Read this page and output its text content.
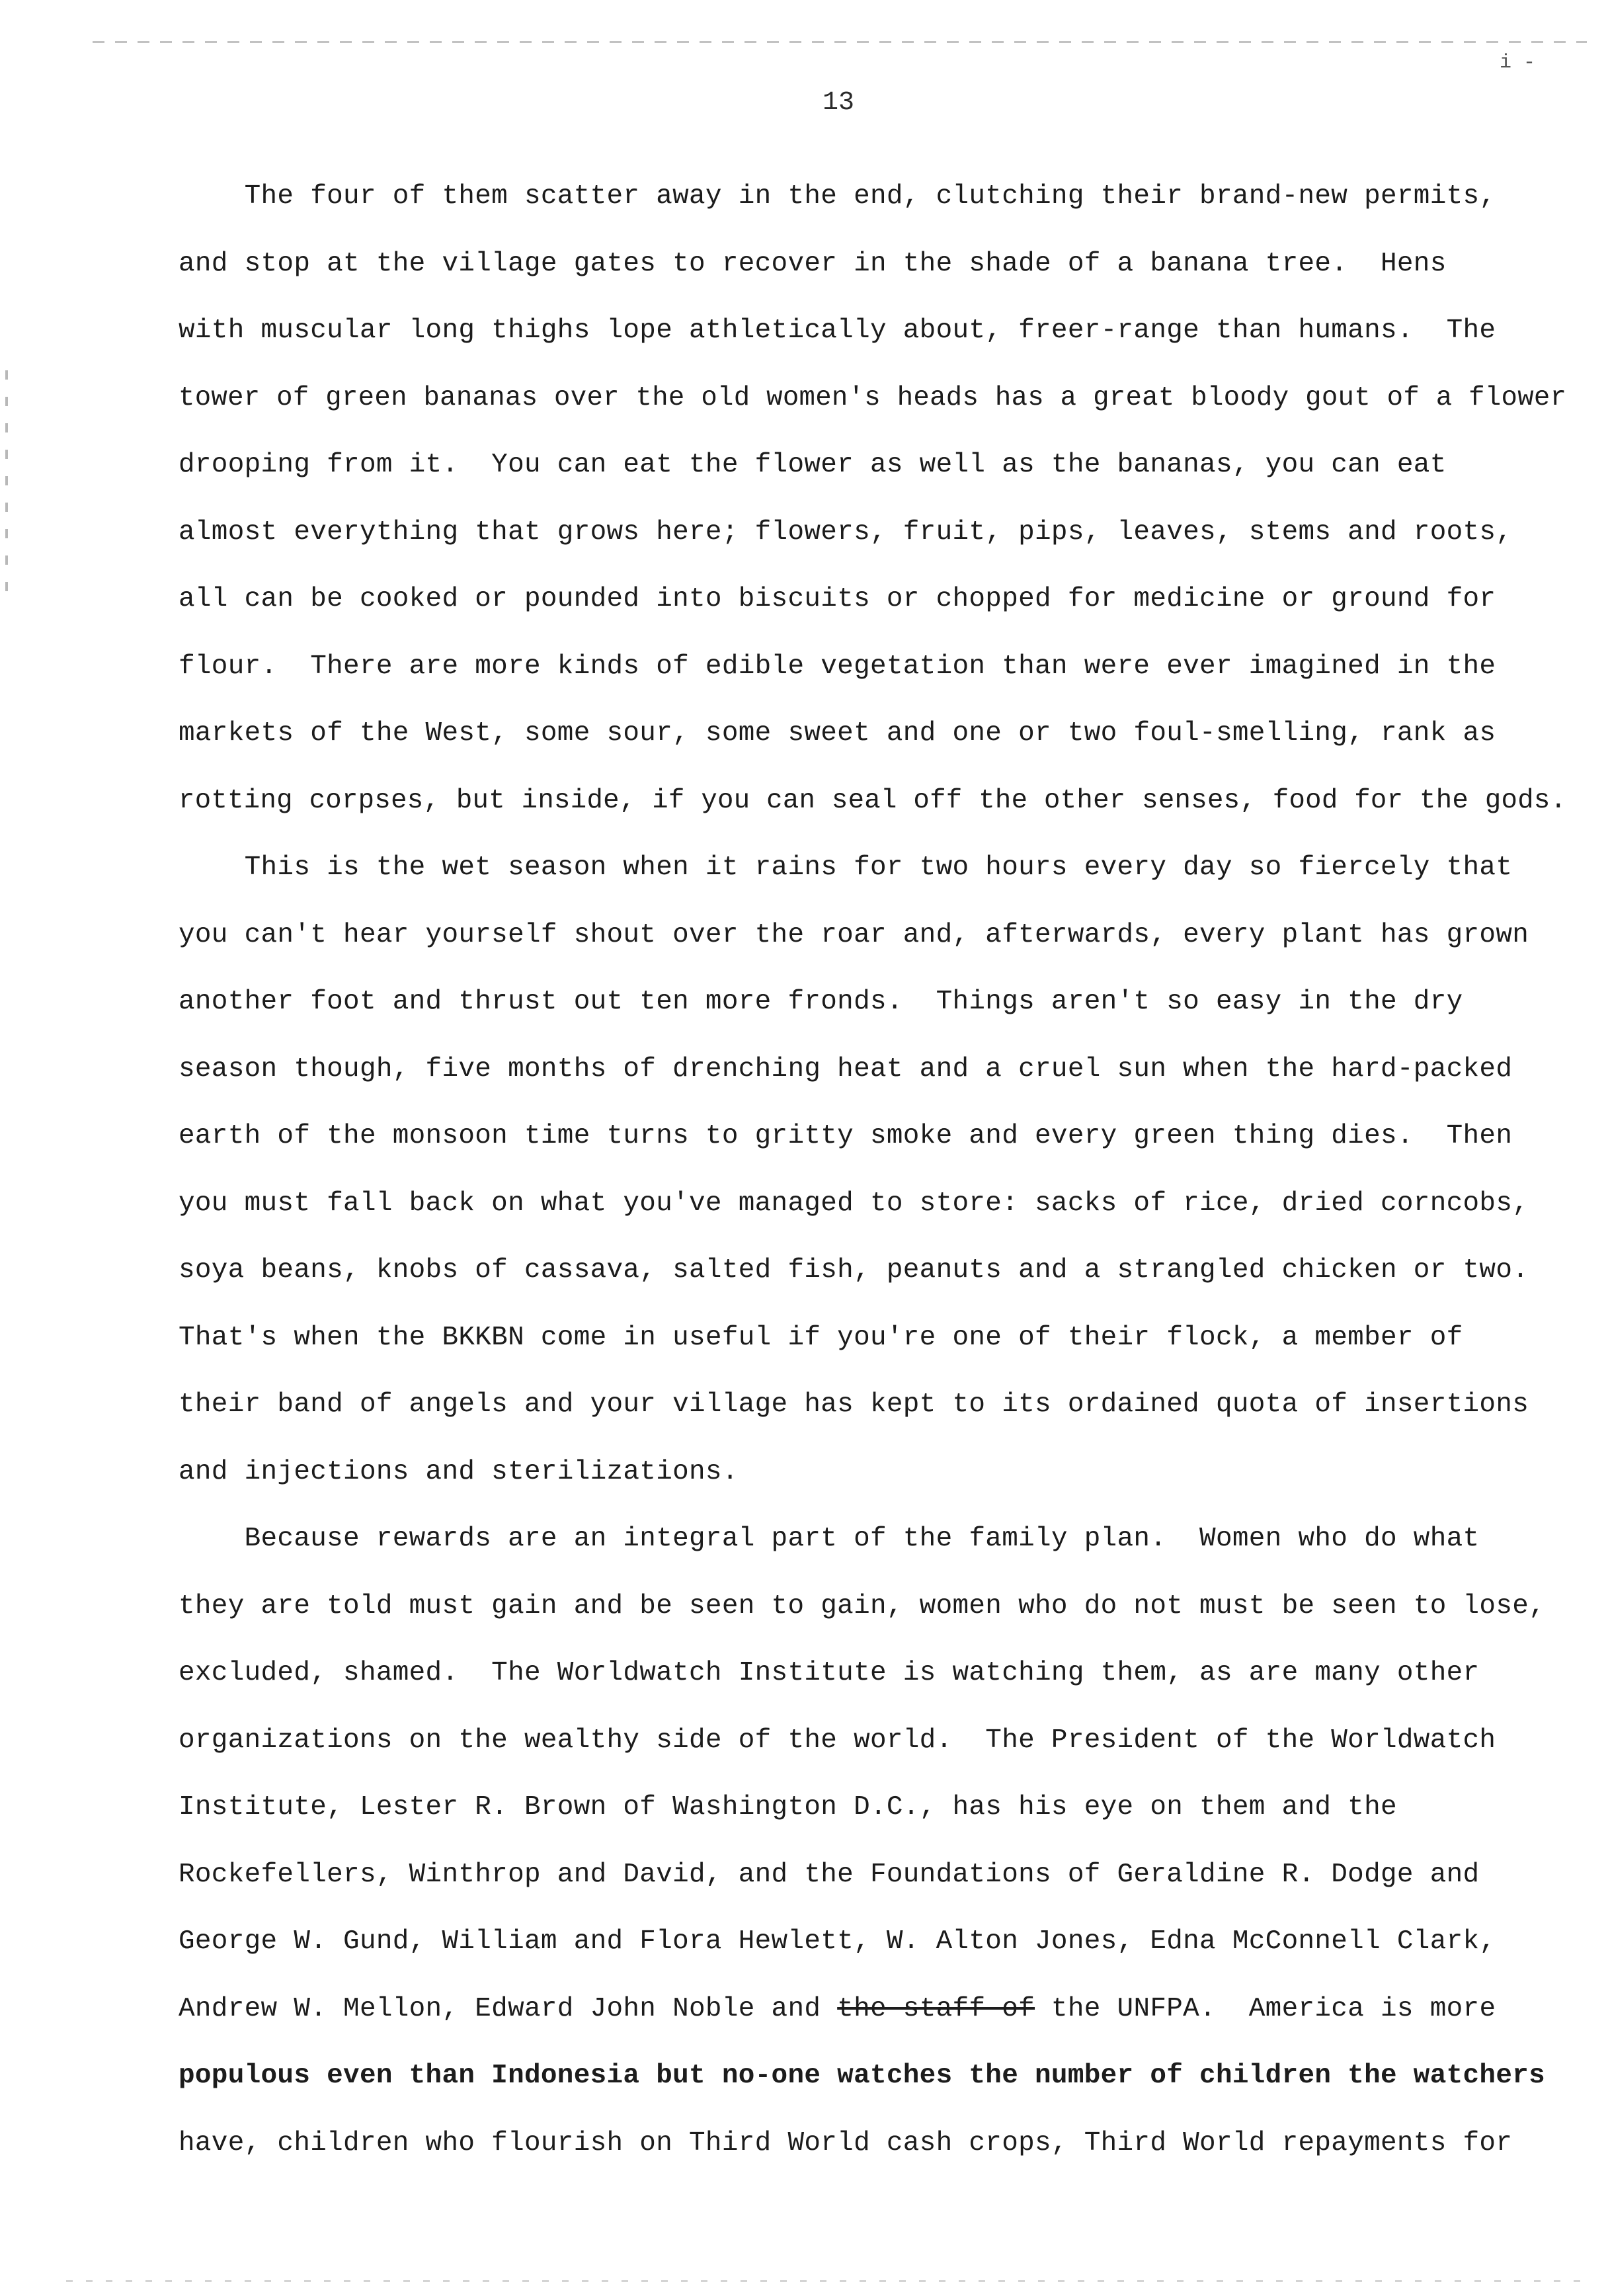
13
i -
The four of them scatter away in the end, clutching their brand-new permits,
and stop at the village gates to recover in the shade of a banana tree.  Hens
with muscular long thighs lope athletically about, freer-range than humans.  The
tower of green bananas over the old women's heads has a great bloody gout of a flower
drooping from it.  You can eat the flower as well as the bananas, you can eat
almost everything that grows here; flowers, fruit, pips, leaves, stems and roots,
all can be cooked or pounded into biscuits or chopped for medicine or ground for
flour.  There are more kinds of edible vegetation than were ever imagined in the
markets of the West, some sour, some sweet and one or two foul-smelling, rank as
rotting corpses, but inside, if you can seal off the other senses, food for the gods.
This is the wet season when it rains for two hours every day so fiercely that
you can't hear yourself shout over the roar and, afterwards, every plant has grown
another foot and thrust out ten more fronds.  Things aren't so easy in the dry
season though, five months of drenching heat and a cruel sun when the hard-packed
earth of the monsoon time turns to gritty smoke and every green thing dies.  Then
you must fall back on what you've managed to store: sacks of rice, dried corncobs,
soya beans, knobs of cassava, salted fish, peanuts and a strangled chicken or two.
That's when the BKKBN come in useful if you're one of their flock, a member of
their band of angels and your village has kept to its ordained quota of insertions
and injections and sterilizations.
Because rewards are an integral part of the family plan.  Women who do what
they are told must gain and be seen to gain, women who do not must be seen to lose,
excluded, shamed.  The Worldwatch Institute is watching them, as are many other
organizations on the wealthy side of the world.  The President of the Worldwatch
Institute, Lester R. Brown of Washington D.C., has his eye on them and the
Rockefellers, Winthrop and David, and the Foundations of Geraldine R. Dodge and
George W. Gund, William and Flora Hewlett, W. Alton Jones, Edna McConnell Clark,
Andrew W. Mellon, Edward John Noble and the staff of the UNFPA.  America is more
populous even than Indonesia but no-one watches the number of children the watchers
have, children who flourish on Third World cash crops, Third World repayments for
